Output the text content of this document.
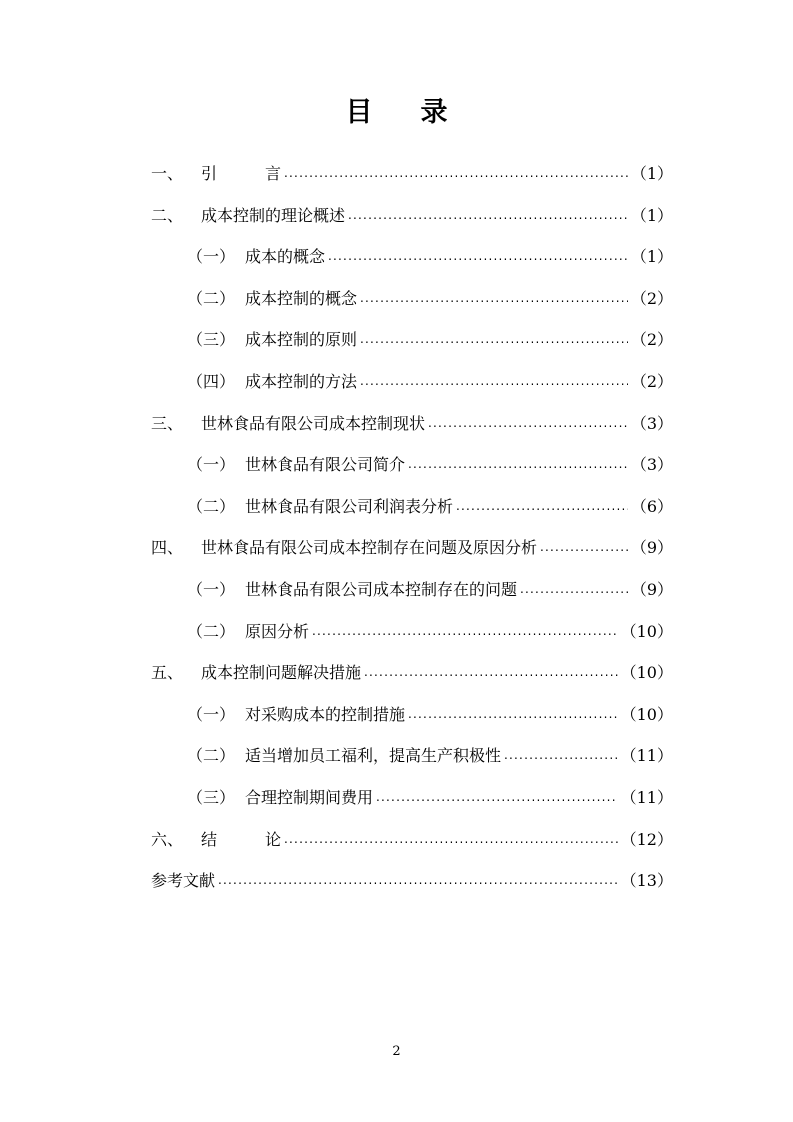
目 录
一、	引	言 .....	（1）
二、	成本控制的理论概述 .....	（1）
（一） 成本的概念 .....	（1）
（二） 成本控制的概念 .....	（2）
（三） 成本控制的原则 .....	（2）
（四） 成本控制的方法 .....	（2）
三、	世林食品有限公司成本控制现状 .....	（3）
（一） 世林食品有限公司简介 .....	（3）
（二） 世林食品有限公司利润表分析 .....	（6）
四、	世林食品有限公司成本控制存在问题及原因分析 .....	（9）
（一） 世林食品有限公司成本控制存在的问题 .....	（9）
（二） 原因分析 .....	（10）
五、	成本控制问题解决措施 .....	（10）
（一） 对采购成本的控制措施 .....	（10）
（二） 适当增加员工福利，提高生产积极性 .....	（11）
（三） 合理控制期间费用 .....	（11）
六、	结	论 .....	（12）
参考文献 .....	（13）
2
